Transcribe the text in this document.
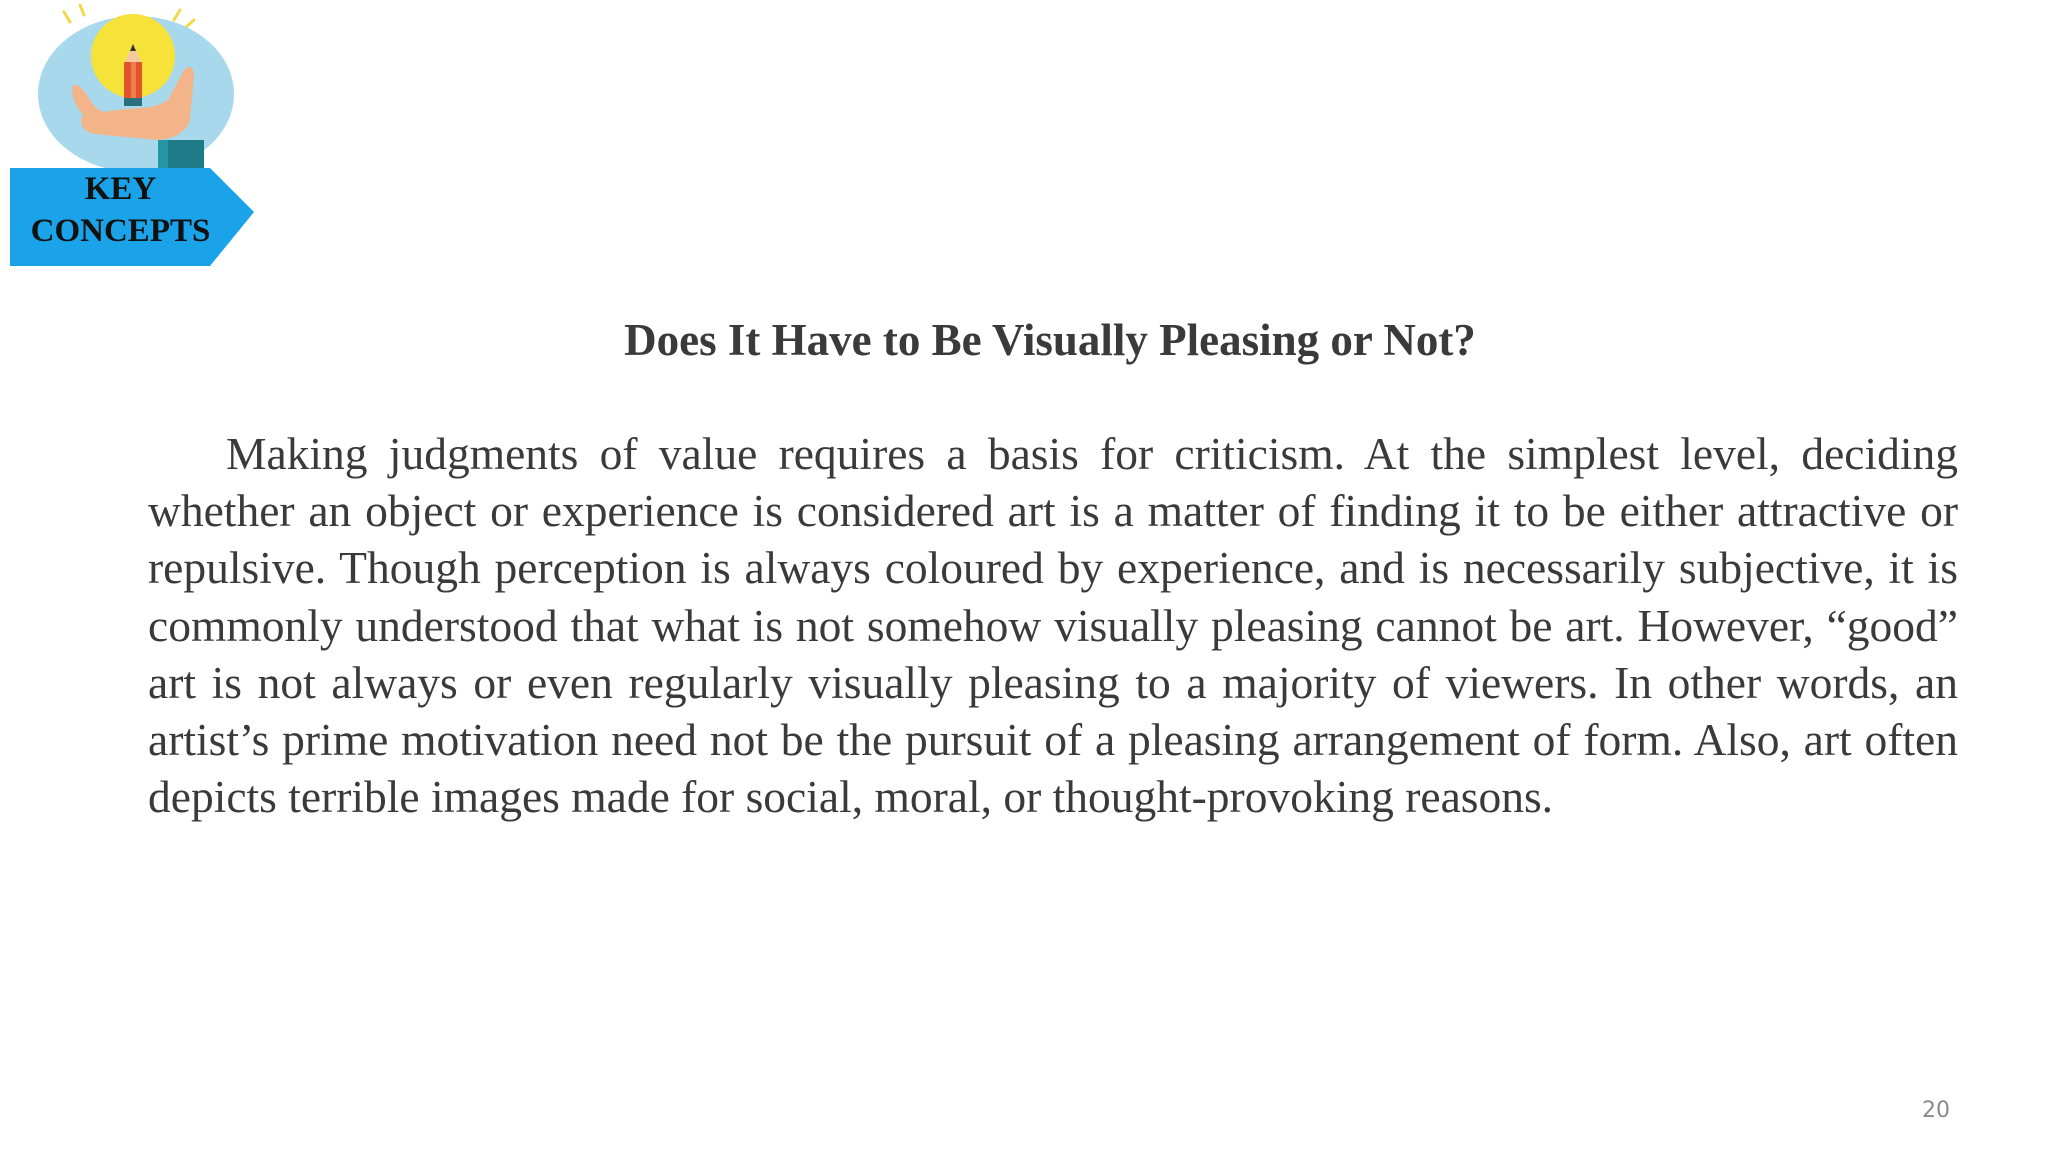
KEY
CONCEPTS
Does It Have to Be Visually Pleasing or Not?

Making judgments of value requires a basis for criticism. At the simplest level, deciding whether an object or experience is considered art is a matter of finding it to be either attractive or repulsive. Though perception is always coloured by experience, and is necessarily subjective, it is commonly understood that what is not somehow visually pleasing cannot be art. However, “good” art is not always or even regularly visually pleasing to a majority of viewers. In other words, an artist’s prime motivation need not be the pursuit of a pleasing arrangement of form. Also, art often depicts terrible images made for social, moral, or thought-provoking reasons.

20
